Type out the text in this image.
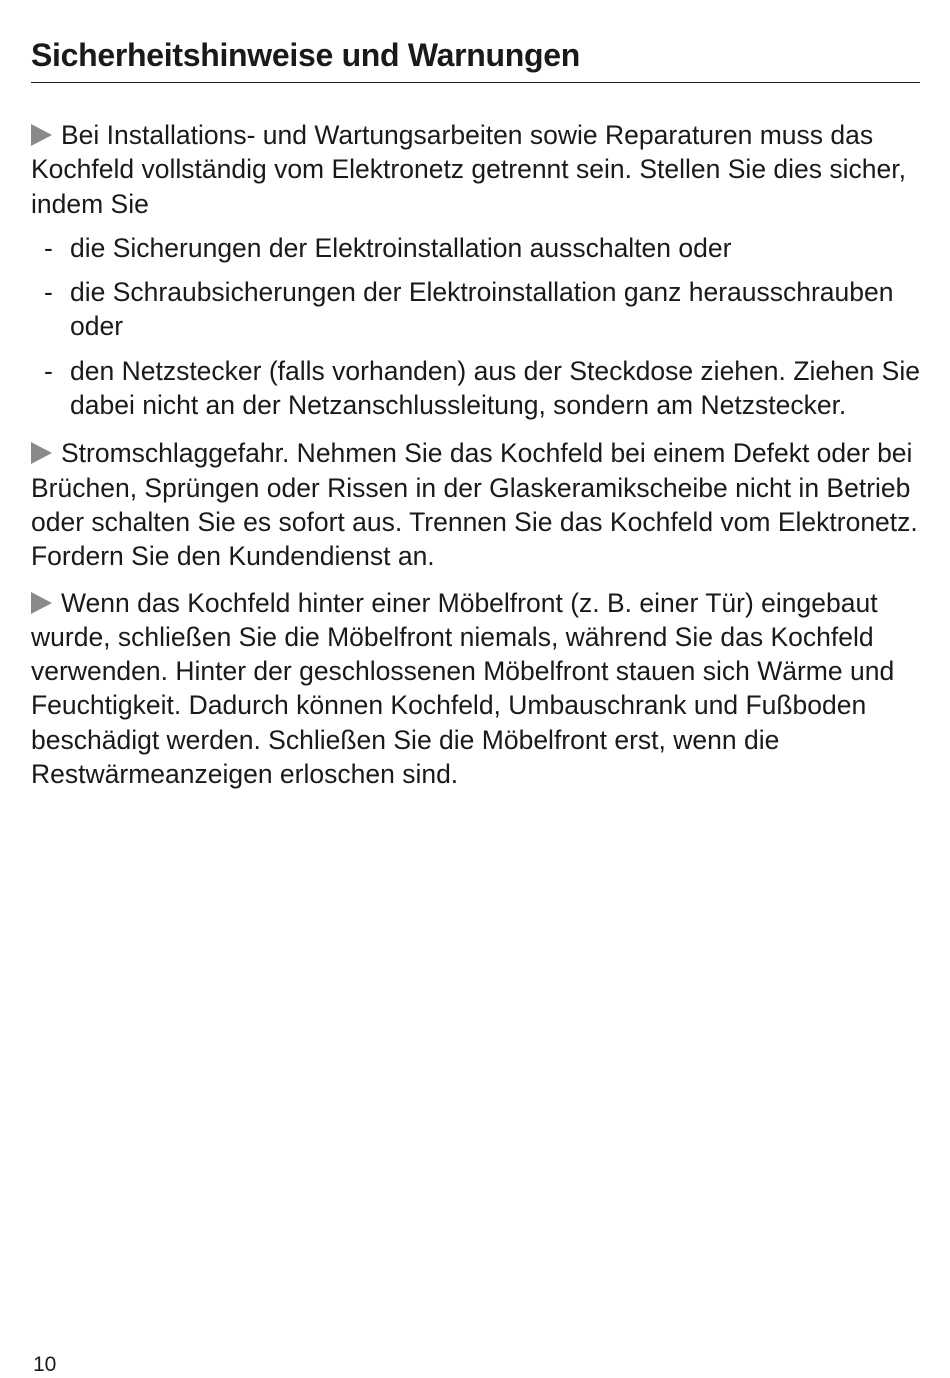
Sicherheitshinweise und Warnungen

Bei Installations- und Wartungsarbeiten sowie Reparaturen muss das Kochfeld vollständig vom Elektronetz getrennt sein. Stellen Sie dies sicher, indem Sie

- die Sicherungen der Elektroinstallation ausschalten oder
- die Schraubsicherungen der Elektroinstallation ganz herausschrauben oder
- den Netzstecker (falls vorhanden) aus der Steckdose ziehen. Ziehen Sie dabei nicht an der Netzanschlussleitung, sondern am Netzstecker.

Stromschlaggefahr. Nehmen Sie das Kochfeld bei einem Defekt oder bei Brüchen, Sprüngen oder Rissen in der Glaskeramikscheibe nicht in Betrieb oder schalten Sie es sofort aus. Trennen Sie das Kochfeld vom Elektronetz. Fordern Sie den Kundendienst an.

Wenn das Kochfeld hinter einer Möbelfront (z. B. einer Tür) eingebaut wurde, schließen Sie die Möbelfront niemals, während Sie das Kochfeld verwenden. Hinter der geschlossenen Möbelfront stauen sich Wärme und Feuchtigkeit. Dadurch können Kochfeld, Umbauschrank und Fußboden beschädigt werden. Schließen Sie die Möbelfront erst, wenn die Restwärmeanzeigen erloschen sind.

10
